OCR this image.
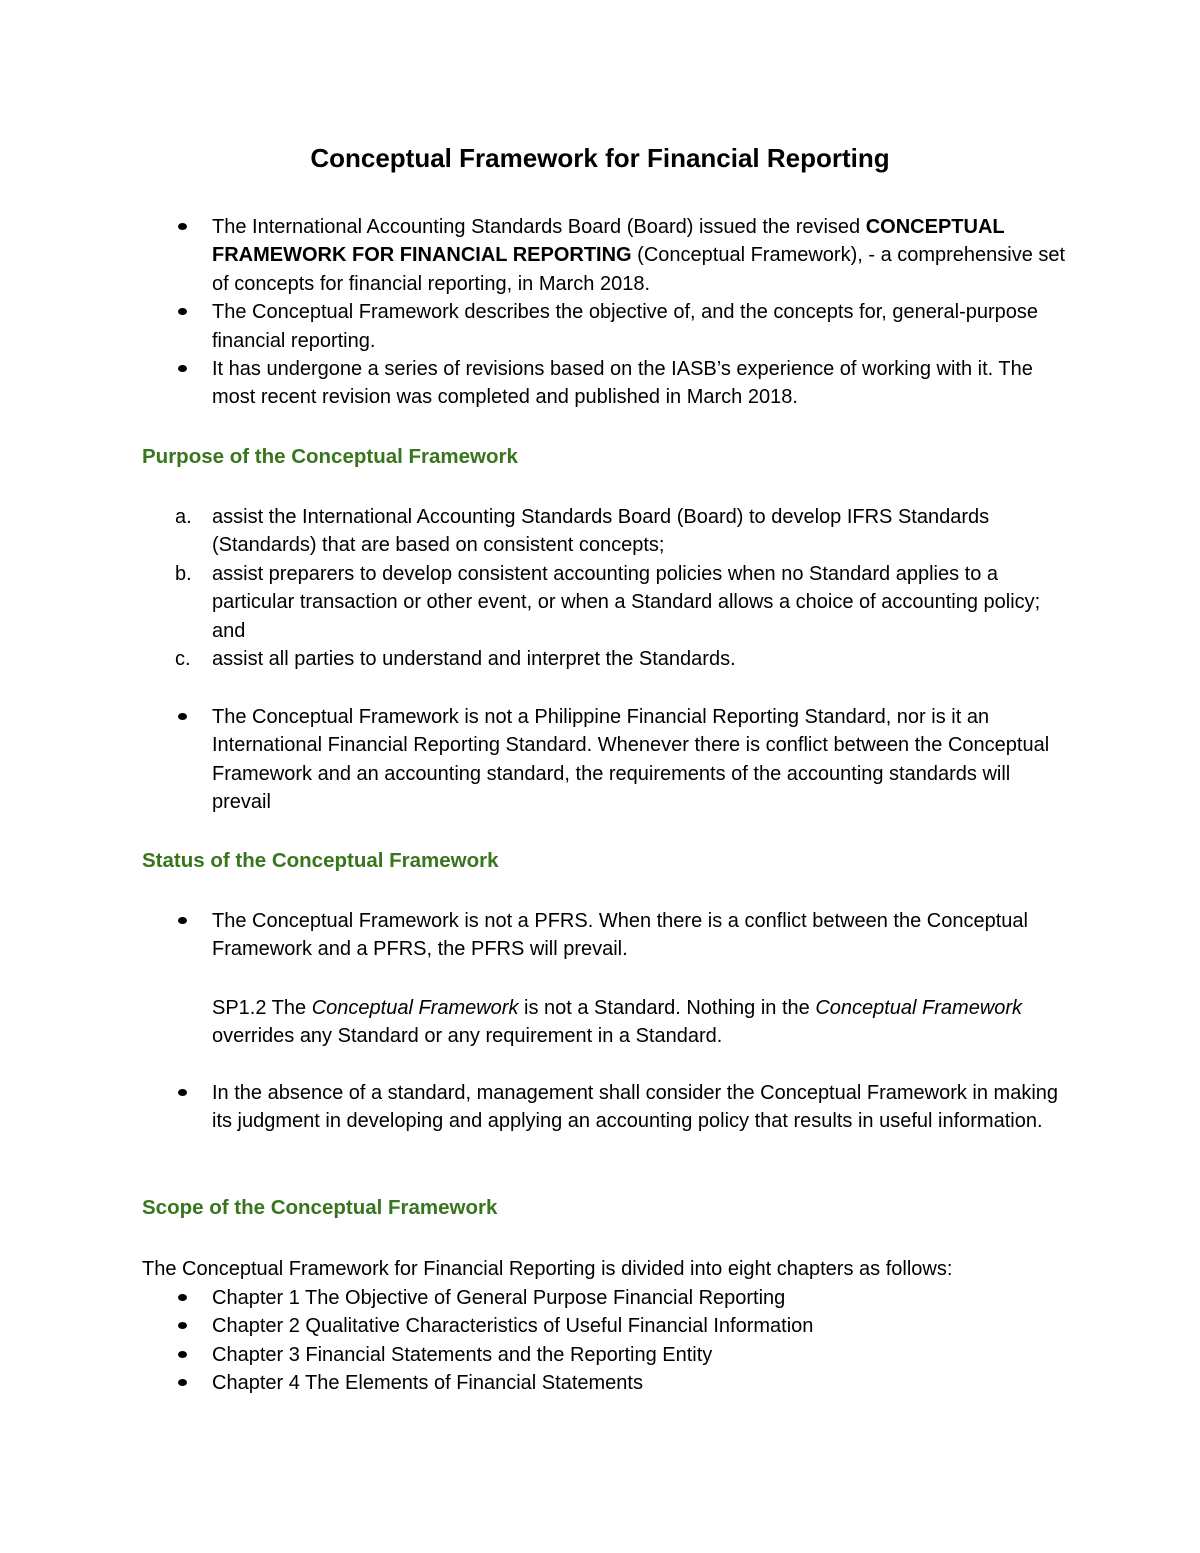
Conceptual Framework for Financial Reporting
The International Accounting Standards Board (Board) issued the revised CONCEPTUAL FRAMEWORK FOR FINANCIAL REPORTING (Conceptual Framework), - a comprehensive set of concepts for financial reporting, in March 2018.
The Conceptual Framework describes the objective of, and the concepts for, general-purpose financial reporting.
It has undergone a series of revisions based on the IASB’s experience of working with it. The most recent revision was completed and published in March 2018.
Purpose of the Conceptual Framework
a. assist the International Accounting Standards Board (Board) to develop IFRS Standards (Standards) that are based on consistent concepts;
b. assist preparers to develop consistent accounting policies when no Standard applies to a particular transaction or other event, or when a Standard allows a choice of accounting policy; and
c. assist all parties to understand and interpret the Standards.
The Conceptual Framework is not a Philippine Financial Reporting Standard, nor is it an International Financial Reporting Standard. Whenever there is conflict between the Conceptual Framework and an accounting standard, the requirements of the accounting standards will prevail
Status of the Conceptual Framework
The Conceptual Framework is not a PFRS. When there is a conflict between the Conceptual Framework and a PFRS, the PFRS will prevail.
SP1.2 The Conceptual Framework is not a Standard. Nothing in the Conceptual Framework overrides any Standard or any requirement in a Standard.
In the absence of a standard, management shall consider the Conceptual Framework in making its judgment in developing and applying an accounting policy that results in useful information.
Scope of the Conceptual Framework
The Conceptual Framework for Financial Reporting is divided into eight chapters as follows:
Chapter 1 The Objective of General Purpose Financial Reporting
Chapter 2 Qualitative Characteristics of Useful Financial Information
Chapter 3 Financial Statements and the Reporting Entity
Chapter 4 The Elements of Financial Statements
